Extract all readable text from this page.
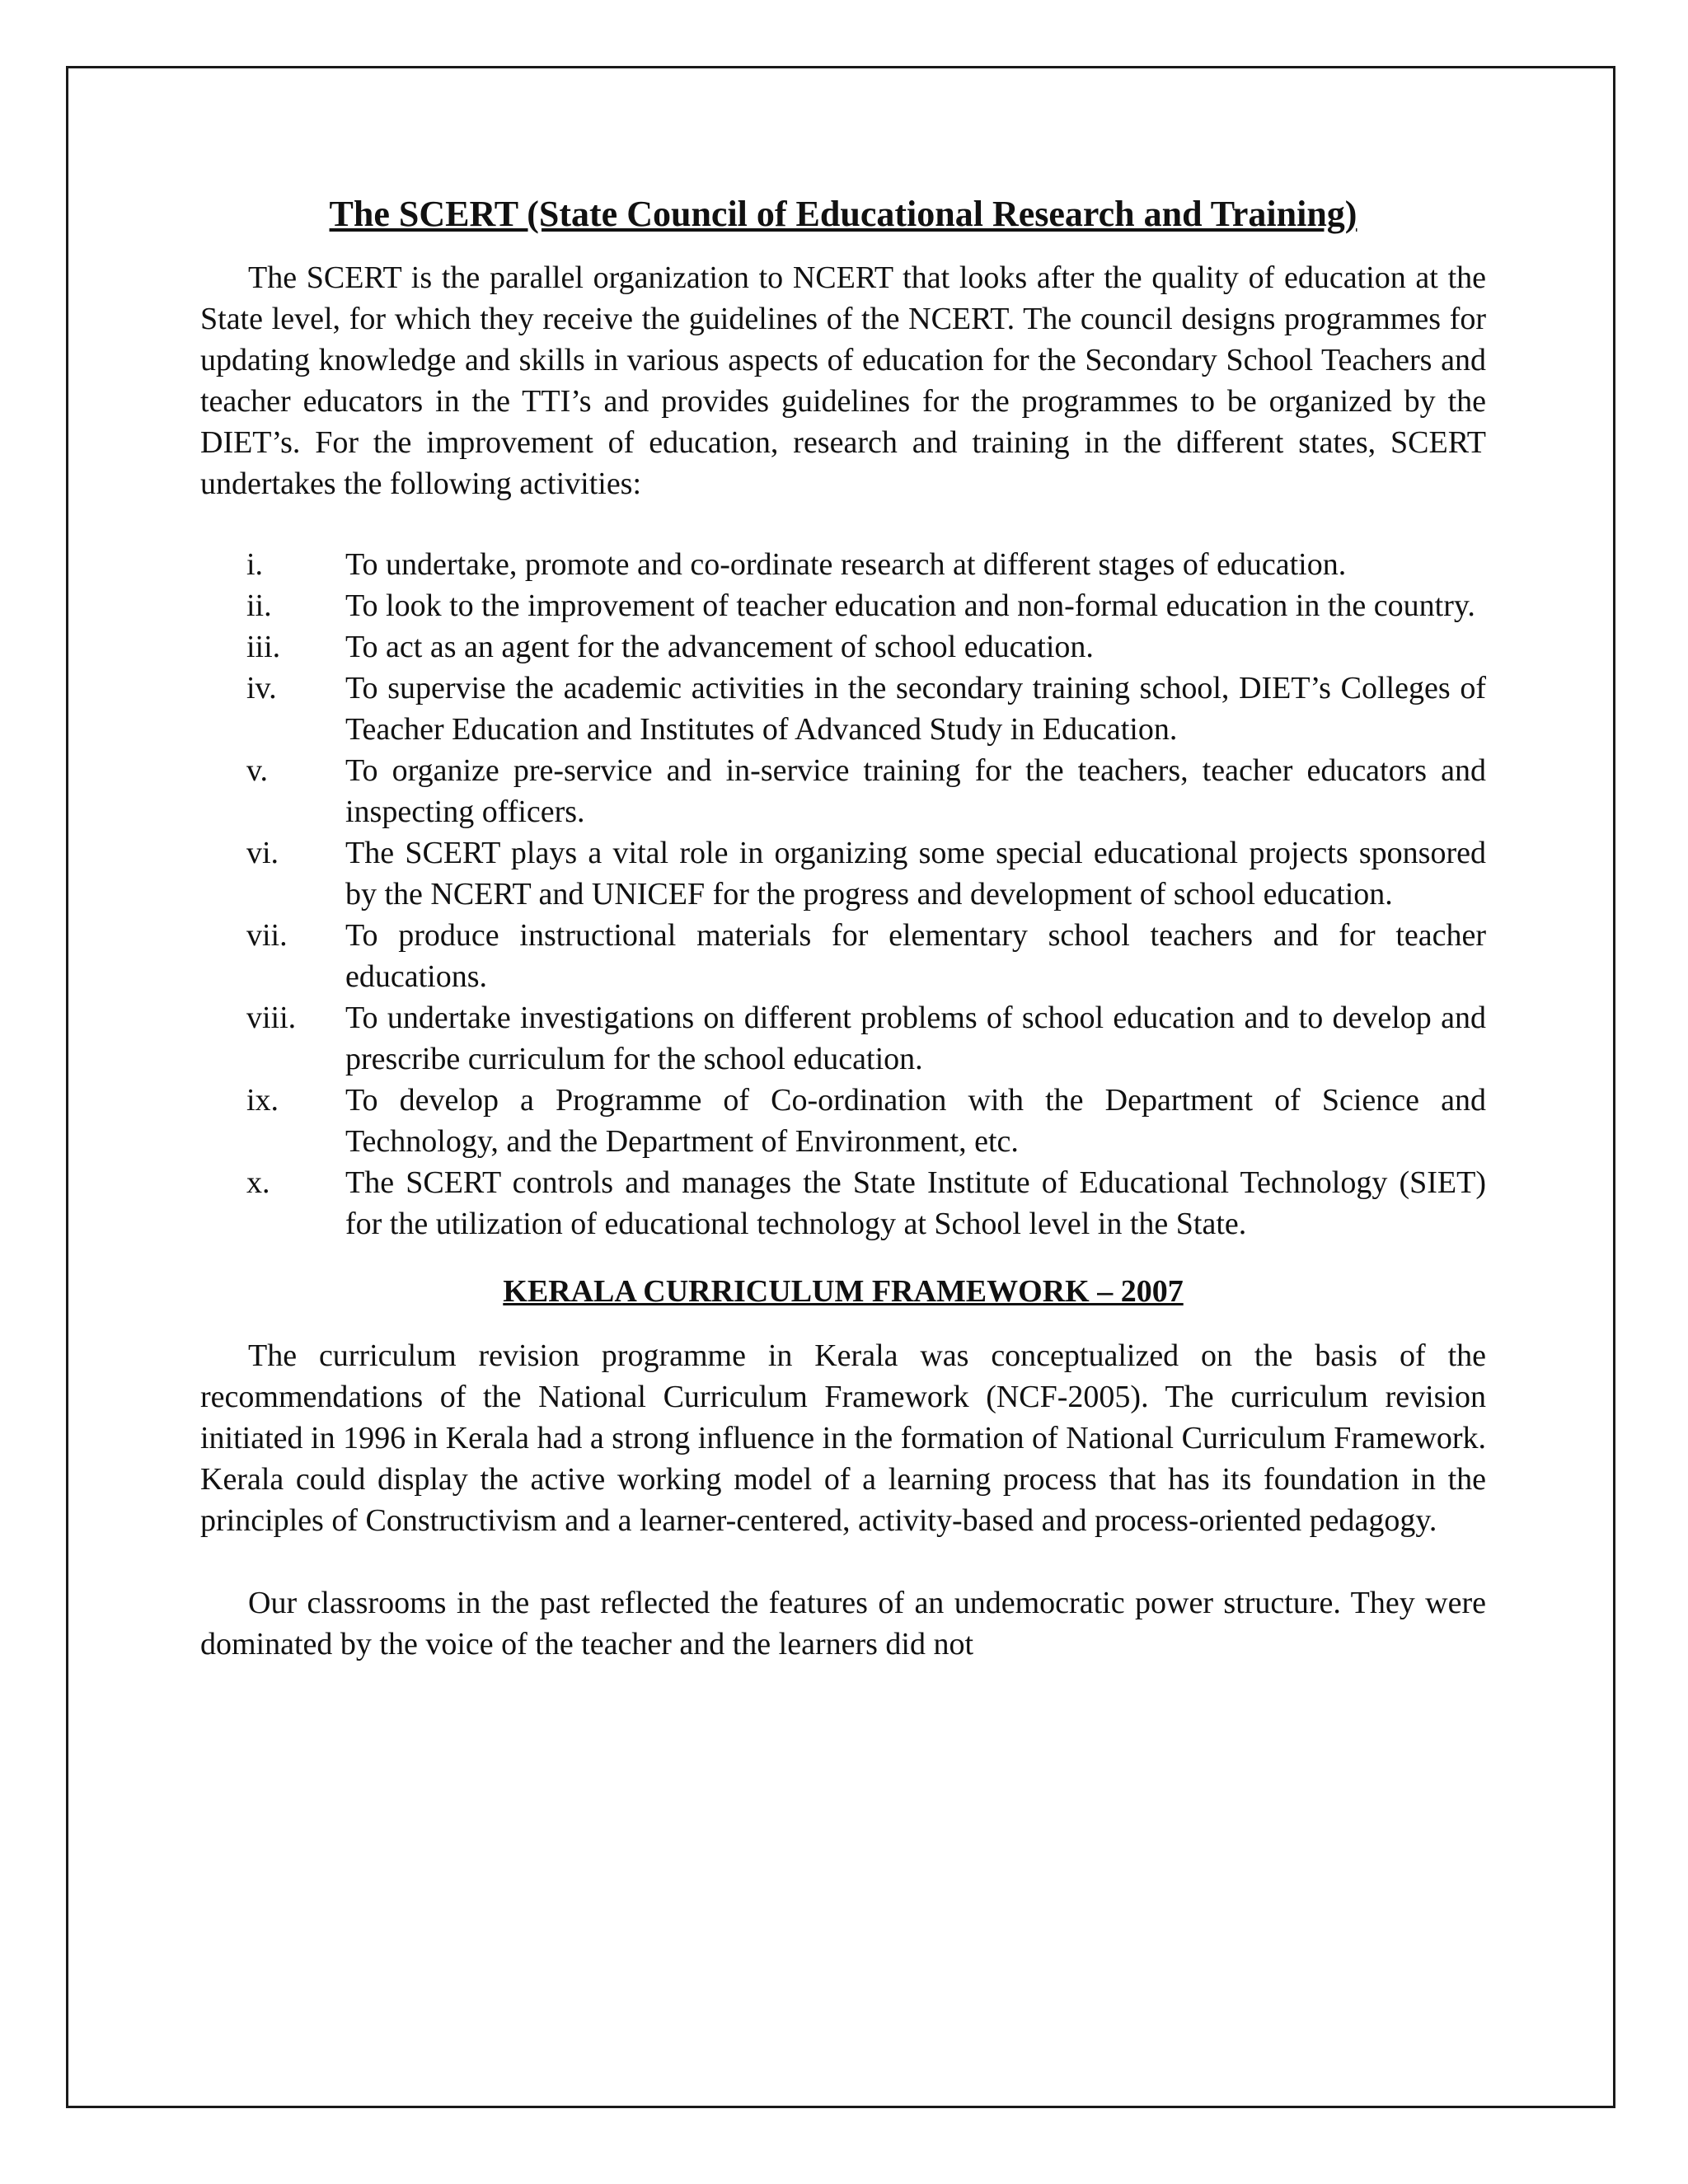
The SCERT (State Council of Educational Research and Training)

The SCERT is the parallel organization to NCERT that looks after the quality of education at the State level, for which they receive the guidelines of the NCERT. The council designs programmes for updating knowledge and skills in various aspects of education for the Secondary School Teachers and teacher educators in the TTI’s and provides guidelines for the programmes to be organized by the DIET’s. For the improvement of education, research and training in the different states, SCERT undertakes the following activities:

i.	To undertake, promote and co-ordinate research at different stages of education.
ii.	To look to the improvement of teacher education and non-formal education in the country.
iii.	To act as an agent for the advancement of school education.
iv.	To supervise the academic activities in the secondary training school, DIET’s Colleges of Teacher Education and Institutes of Advanced Study in Education.
v.	To organize pre-service and in-service training for the teachers, teacher educators and inspecting officers.
vi.	The SCERT plays a vital role in organizing some special educational projects sponsored by the NCERT and UNICEF for the progress and development of school education.
vii.	To produce instructional materials for elementary school teachers and for teacher educations.
viii.	To undertake investigations on different problems of school education and to develop and prescribe curriculum for the school education.
ix.	To develop a Programme of Co-ordination with the Department of Science and Technology, and the Department of Environment, etc.
x.	The SCERT controls and manages the State Institute of Educational Technology (SIET) for the utilization of educational technology at School level in the State.
KERALA CURRICULUM FRAMEWORK – 2007

The curriculum revision programme in Kerala was conceptualized on the basis of the recommendations of the National Curriculum Framework (NCF-2005). The curriculum revision initiated in 1996 in Kerala had a strong influence in the formation of National Curriculum Framework. Kerala could display the active working model of a learning process that has its foundation in the principles of Constructivism and a learner-centered, activity-based and process-oriented pedagogy.

Our classrooms in the past reflected the features of an undemocratic power structure. They were dominated by the voice of the teacher and the learners did not
